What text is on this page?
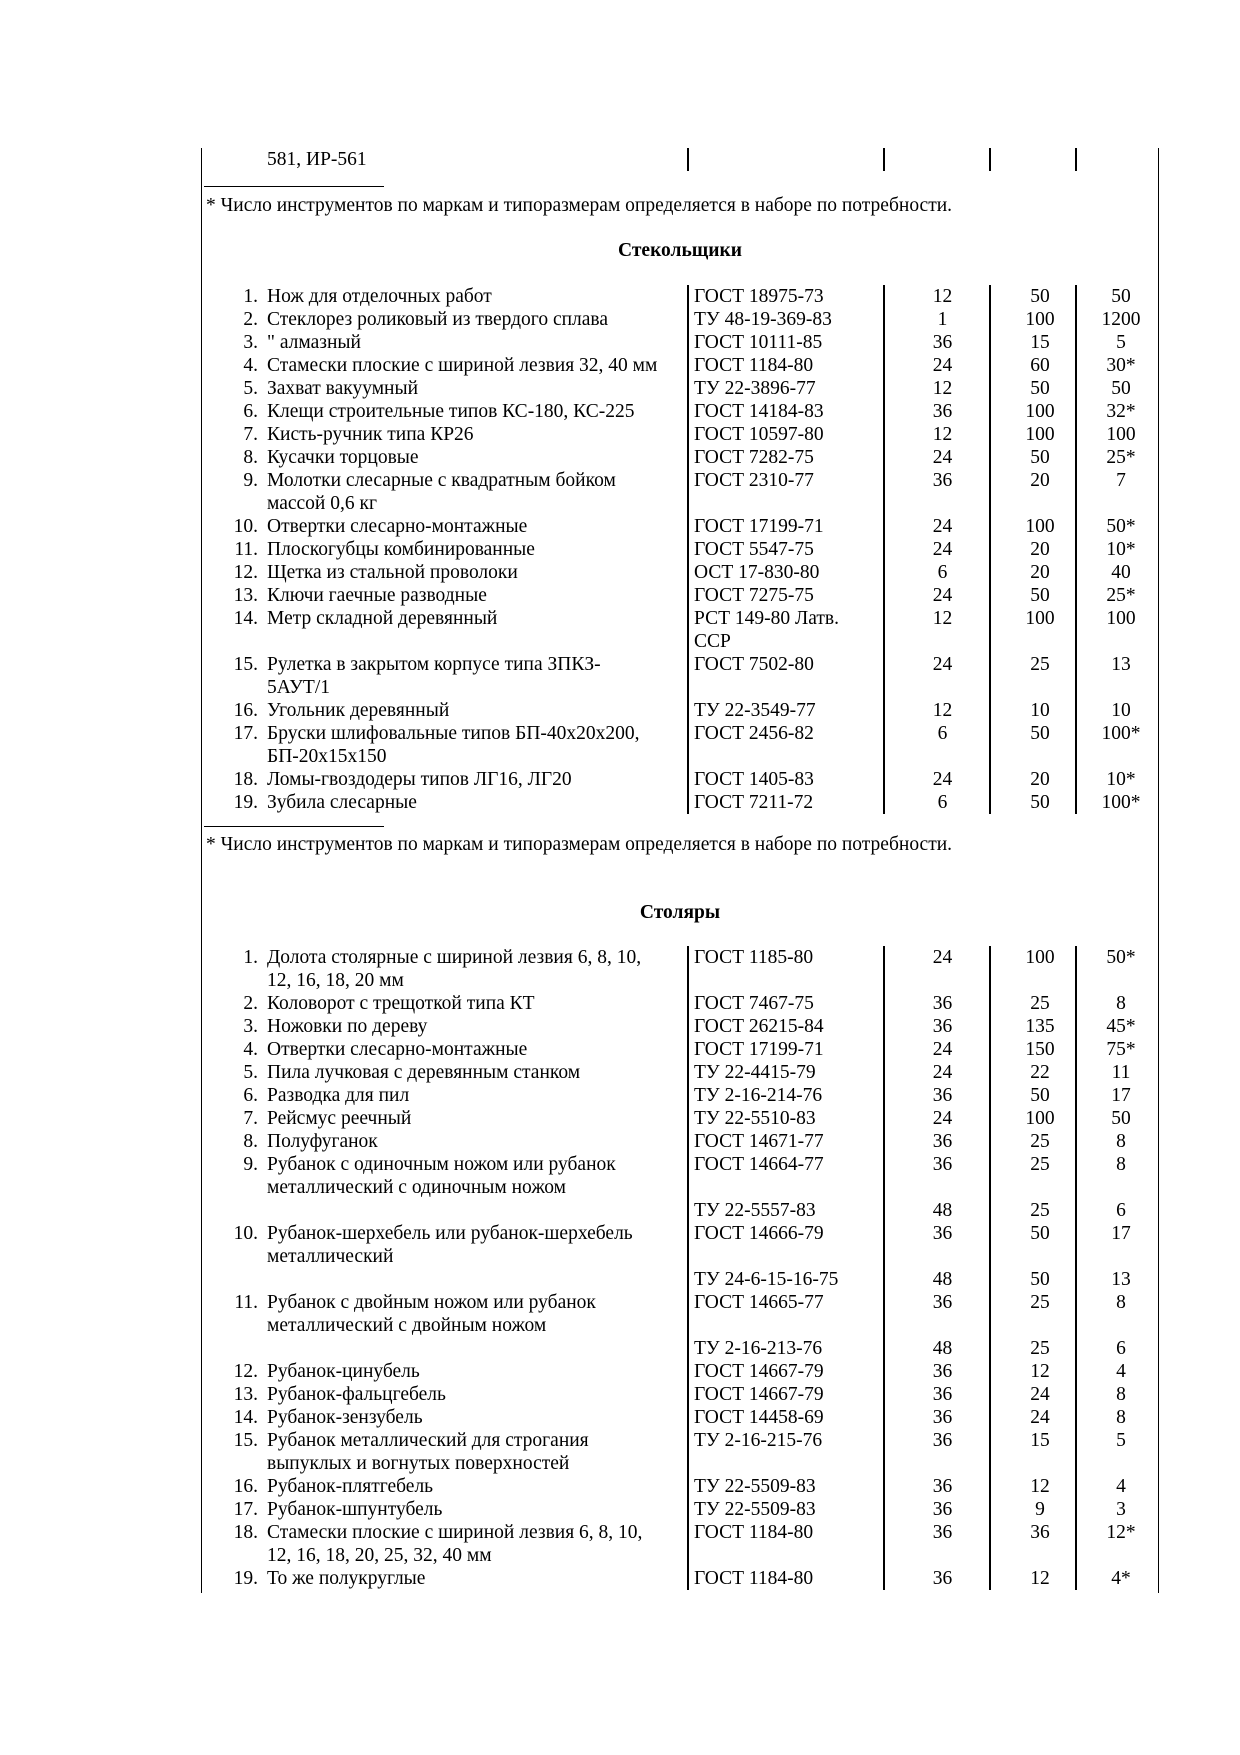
581, ИР-561
* Число инструментов по маркам и типоразмерам определяется в наборе по потребности.
Стекольщики
1. Нож для отделочных работ	ГОСТ 18975-73	12	50	50
2. Стеклорез роликовый из твердого сплава	ТУ 48-19-369-83	1	100	1200
3. " алмазный	ГОСТ 10111-85	36	15	5
4. Стамески плоские с шириной лезвия 32, 40 мм	ГОСТ 1184-80	24	60	30*
5. Захват вакуумный	ТУ 22-3896-77	12	50	50
6. Клещи строительные типов КС-180, КС-225	ГОСТ 14184-83	36	100	32*
7. Кисть-ручник типа КР26	ГОСТ 10597-80	12	100	100
8. Кусачки торцовые	ГОСТ 7282-75	24	50	25*
9. Молотки слесарные с квадратным бойком	ГОСТ 2310-77	36	20	7
массой 0,6 кг
10. Отвертки слесарно-монтажные	ГОСТ 17199-71	24	100	50*
11. Плоскогубцы комбинированные	ГОСТ 5547-75	24	20	10*
12. Щетка из стальной проволоки	ОСТ 17-830-80	6	20	40
13. Ключи гаечные разводные	ГОСТ 7275-75	24	50	25*
14. Метр складной деревянный	РСТ 149-80 Латв.	12	100	100
ССР
15. Рулетка в закрытом корпусе типа ЗПКЗ-	ГОСТ 7502-80	24	25	13
5АУТ/1
16. Угольник деревянный	ТУ 22-3549-77	12	10	10
17. Бруски шлифовальные типов БП-40х20х200,	ГОСТ 2456-82	6	50	100*
БП-20х15х150
18. Ломы-гвоздодеры типов ЛГ16, ЛГ20	ГОСТ 1405-83	24	20	10*
19. Зубила слесарные	ГОСТ 7211-72	6	50	100*
* Число инструментов по маркам и типоразмерам определяется в наборе по потребности.
Столяры
1. Долота столярные с шириной лезвия 6, 8, 10,	ГОСТ 1185-80	24	100	50*
12, 16, 18, 20 мм
2. Коловорот с трещоткой типа КТ	ГОСТ 7467-75	36	25	8
3. Ножовки по дереву	ГОСТ 26215-84	36	135	45*
4. Отвертки слесарно-монтажные	ГОСТ 17199-71	24	150	75*
5. Пила лучковая с деревянным станком	ТУ 22-4415-79	24	22	11
6. Разводка для пил	ТУ 2-16-214-76	36	50	17
7. Рейсмус реечный	ТУ 22-5510-83	24	100	50
8. Полуфуганок	ГОСТ 14671-77	36	25	8
9. Рубанок с одиночным ножом или рубанок	ГОСТ 14664-77	36	25	8
металлический с одиночным ножом
ТУ 22-5557-83	48	25	6
10. Рубанок-шерхебель или рубанок-шерхебель	ГОСТ 14666-79	36	50	17
металлический
ТУ 24-6-15-16-75	48	50	13
11. Рубанок с двойным ножом или рубанок	ГОСТ 14665-77	36	25	8
металлический с двойным ножом
ТУ 2-16-213-76	48	25	6
12. Рубанок-цинубель	ГОСТ 14667-79	36	12	4
13. Рубанок-фальцгебель	ГОСТ 14667-79	36	24	8
14. Рубанок-зензубель	ГОСТ 14458-69	36	24	8
15. Рубанок металлический для строгания	ТУ 2-16-215-76	36	15	5
выпуклых и вогнутых поверхностей
16. Рубанок-плятгебель	ТУ 22-5509-83	36	12	4
17. Рубанок-шпунтубель	ТУ 22-5509-83	36	9	3
18. Стамески плоские с шириной лезвия 6, 8, 10,	ГОСТ 1184-80	36	36	12*
12, 16, 18, 20, 25, 32, 40 мм
19. То же полукруглые	ГОСТ 1184-80	36	12	4*
